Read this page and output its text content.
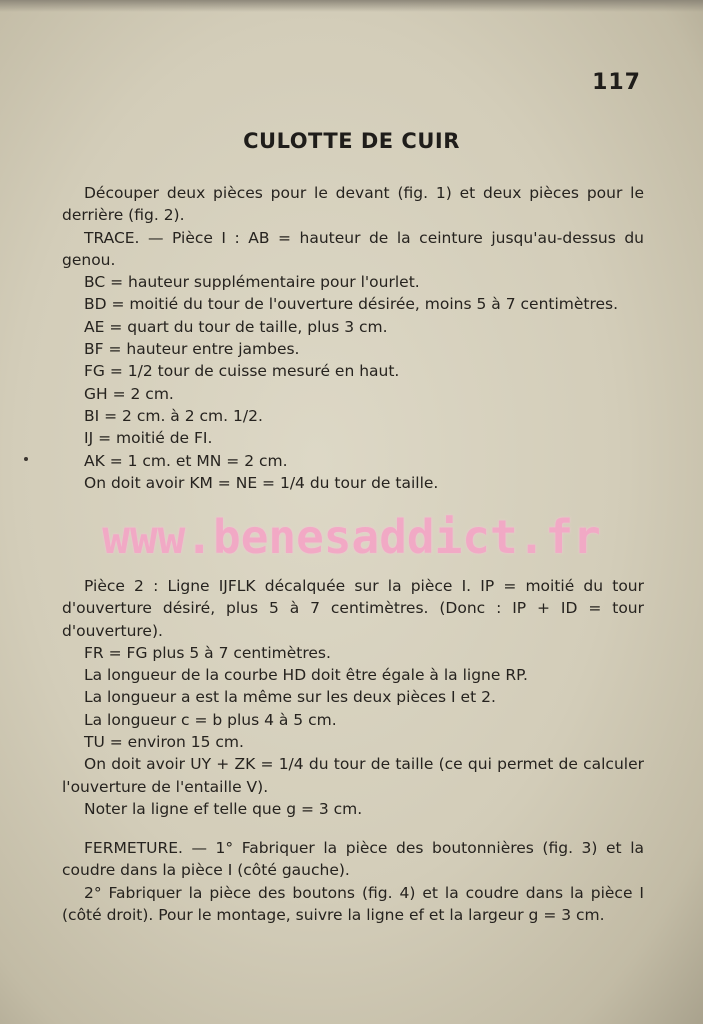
117
CULOTTE DE CUIR

Découper deux pièces pour le devant (fig. 1) et deux pièces pour le derrière (fig. 2).

TRACE. — Pièce I : AB = hauteur de la ceinture jusqu'au-dessus du genou.

BC = hauteur supplémentaire pour l'ourlet.

BD = moitié du tour de l'ouverture désirée, moins 5 à 7 centimètres.

AE = quart du tour de taille, plus 3 cm.

BF = hauteur entre jambes.

FG = 1/2 tour de cuisse mesuré en haut.

GH = 2 cm.

BI = 2 cm. à 2 cm. 1/2.

IJ = moitié de FI.

AK = 1 cm. et MN = 2 cm.

On doit avoir KM = NE = 1/4 du tour de taille.

www.benesaddict.fr

Pièce 2 : Ligne IJFLK décalquée sur la pièce I. IP = moitié du tour d'ouverture désiré, plus 5 à 7 centimètres. (Donc : IP + ID = tour d'ouverture).

FR = FG plus 5 à 7 centimètres.

La longueur de la courbe HD doit être égale à la ligne RP.

La longueur a est la même sur les deux pièces I et 2.

La longueur c = b plus 4 à 5 cm.

TU = environ 15 cm.

On doit avoir UY + ZK = 1/4 du tour de taille (ce qui permet de calculer l'ouverture de l'entaille V).

Noter la ligne ef telle que g = 3 cm.

FERMETURE. — 1° Fabriquer la pièce des boutonnières (fig. 3) et la coudre dans la pièce I (côté gauche).

2° Fabriquer la pièce des boutons (fig. 4) et la coudre dans la pièce I (côté droit). Pour le montage, suivre la ligne ef et la largeur g = 3 cm.
